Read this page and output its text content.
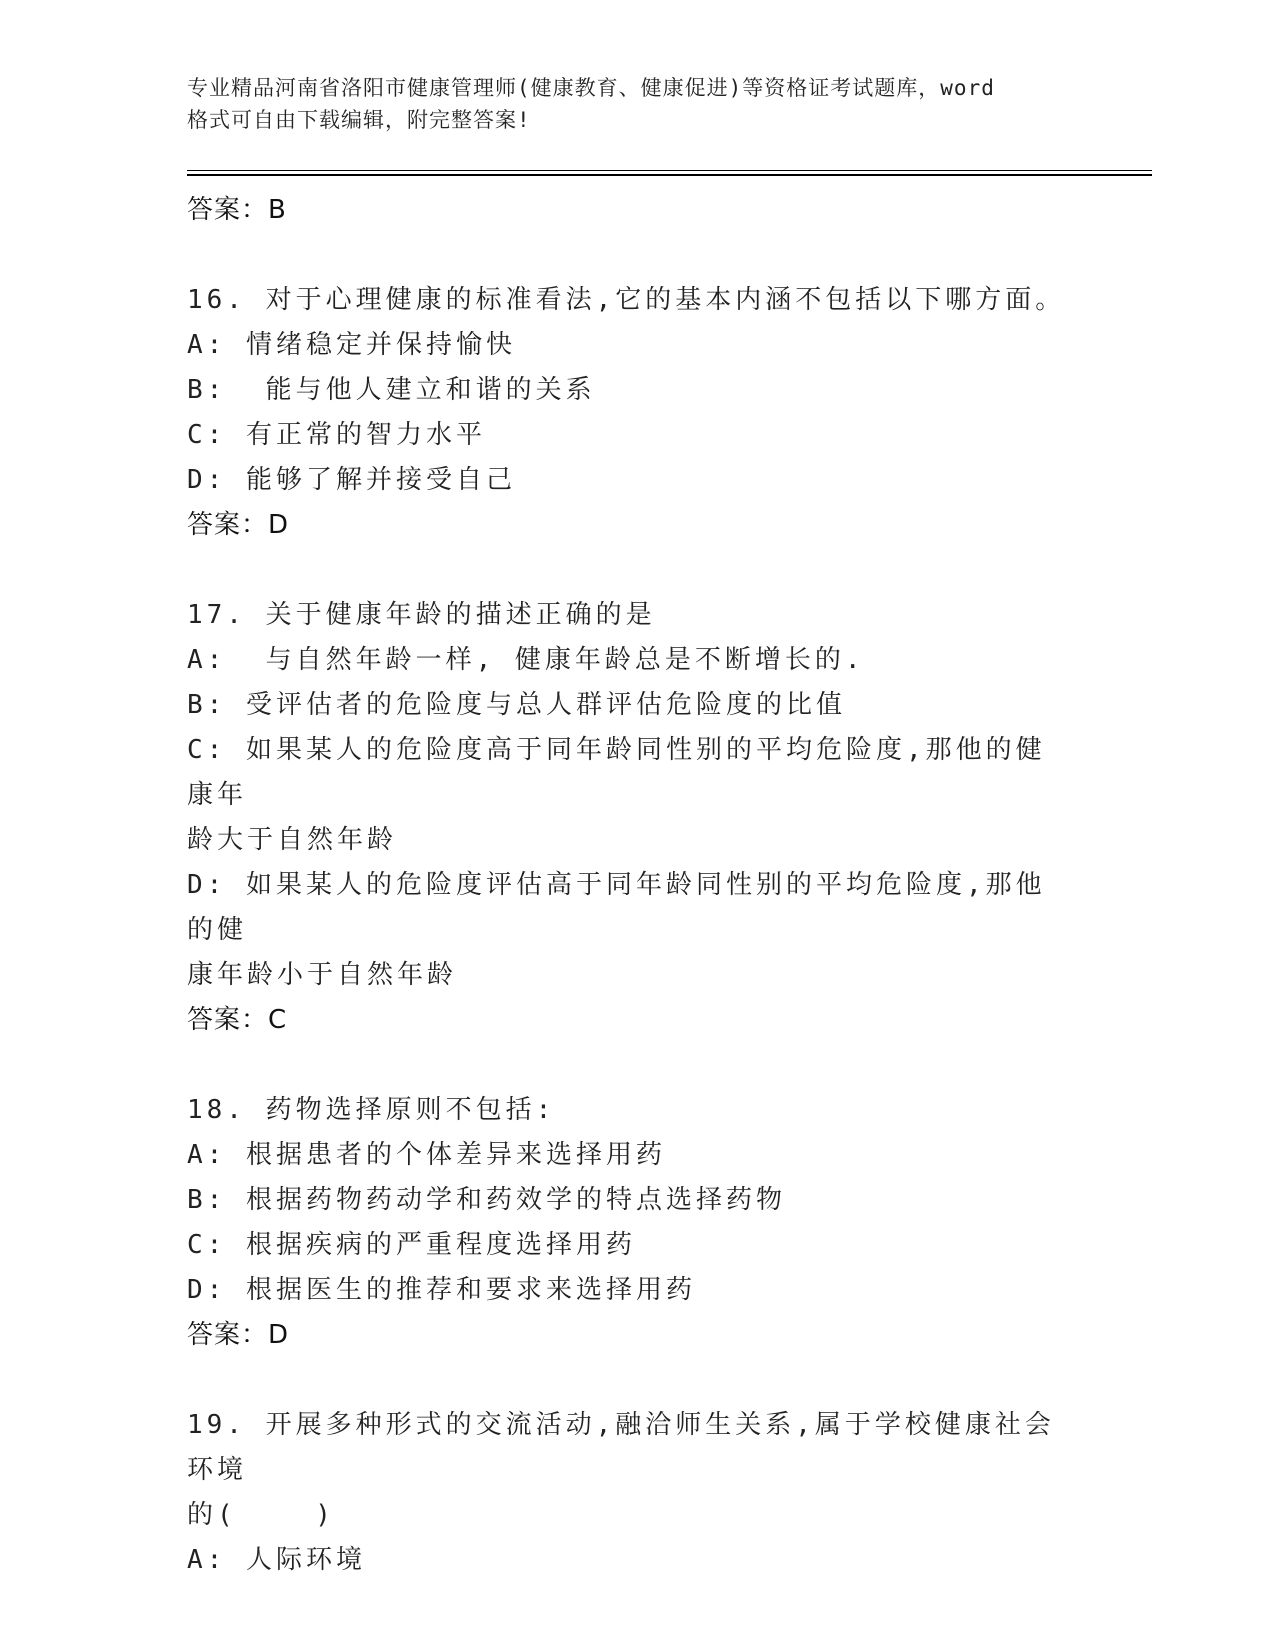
专业精品河南省洛阳市健康管理师(健康教育、健康促进)等资格证考试题库，word
格式可自由下载编辑，附完整答案!
答案：B
16. 对于心理健康的标准看法,它的基本内涵不包括以下哪方面。
A: 情绪稳定并保持愉快
B:  能与他人建立和谐的关系
C: 有正常的智力水平
D: 能够了解并接受自己
答案：D
17. 关于健康年龄的描述正确的是
A:  与自然年龄一样, 健康年龄总是不断增长的.
B: 受评估者的危险度与总人群评估危险度的比值
C: 如果某人的危险度高于同年龄同性别的平均危险度,那他的健康年
龄大于自然年龄
D: 如果某人的危险度评估高于同年龄同性别的平均危险度,那他的健
康年龄小于自然年龄
答案：C
18. 药物选择原则不包括:
A: 根据患者的个体差异来选择用药
B: 根据药物药动学和药效学的特点选择药物
C: 根据疾病的严重程度选择用药
D: 根据医生的推荐和要求来选择用药
答案：D
19. 开展多种形式的交流活动,融洽师生关系,属于学校健康社会环境
的(    )
A: 人际环境
